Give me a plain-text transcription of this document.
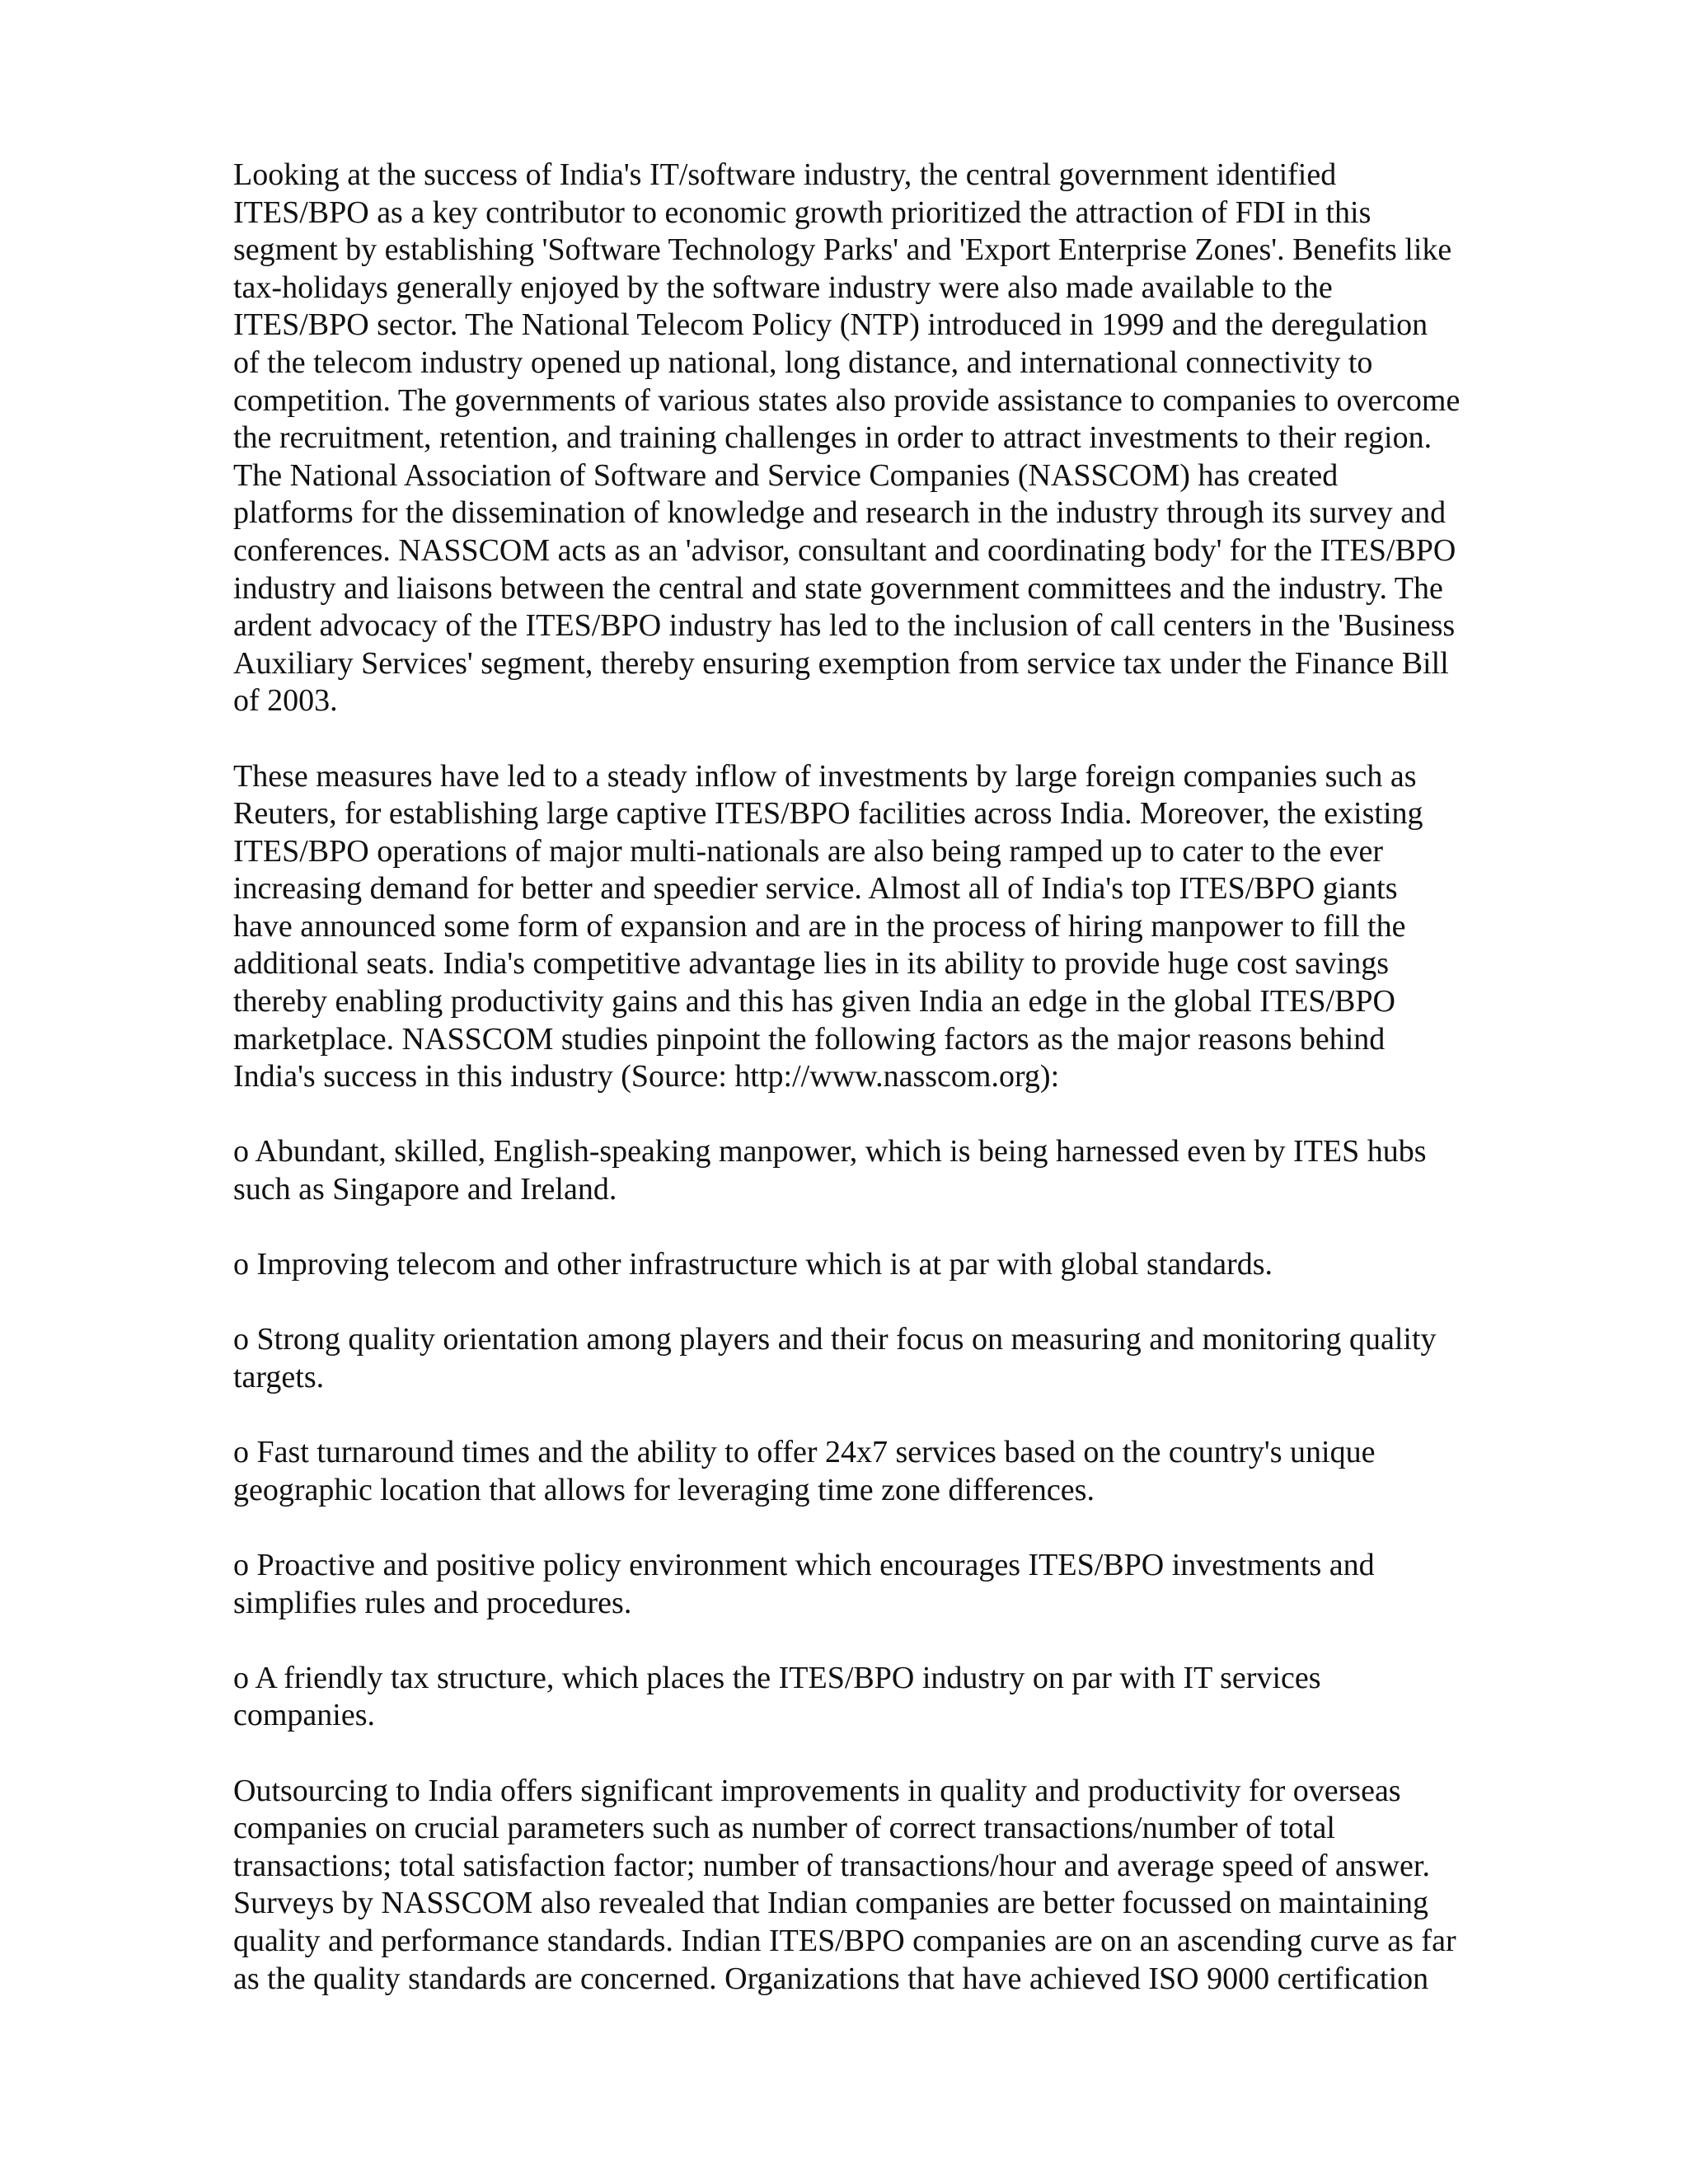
Looking at the success of India's IT/software industry, the central government identified
ITES/BPO as a key contributor to economic growth prioritized the attraction of FDI in this
segment by establishing 'Software Technology Parks' and 'Export Enterprise Zones'. Benefits like
tax-holidays generally enjoyed by the software industry were also made available to the
ITES/BPO sector. The National Telecom Policy (NTP) introduced in 1999 and the deregulation
of the telecom industry opened up national, long distance, and international connectivity to
competition. The governments of various states also provide assistance to companies to overcome
the recruitment, retention, and training challenges in order to attract investments to their region.
The National Association of Software and Service Companies (NASSCOM) has created
platforms for the dissemination of knowledge and research in the industry through its survey and
conferences. NASSCOM acts as an 'advisor, consultant and coordinating body' for the ITES/BPO
industry and liaisons between the central and state government committees and the industry. The
ardent advocacy of the ITES/BPO industry has led to the inclusion of call centers in the 'Business
Auxiliary Services' segment, thereby ensuring exemption from service tax under the Finance Bill
of 2003.

These measures have led to a steady inflow of investments by large foreign companies such as
Reuters, for establishing large captive ITES/BPO facilities across India. Moreover, the existing
ITES/BPO operations of major multi-nationals are also being ramped up to cater to the ever
increasing demand for better and speedier service. Almost all of India's top ITES/BPO giants
have announced some form of expansion and are in the process of hiring manpower to fill the
additional seats. India's competitive advantage lies in its ability to provide huge cost savings
thereby enabling productivity gains and this has given India an edge in the global ITES/BPO
marketplace. NASSCOM studies pinpoint the following factors as the major reasons behind
India's success in this industry (Source: http://www.nasscom.org):

o Abundant, skilled, English-speaking manpower, which is being harnessed even by ITES hubs
such as Singapore and Ireland.

o Improving telecom and other infrastructure which is at par with global standards.

o Strong quality orientation among players and their focus on measuring and monitoring quality
targets.

o Fast turnaround times and the ability to offer 24x7 services based on the country's unique
geographic location that allows for leveraging time zone differences.

o Proactive and positive policy environment which encourages ITES/BPO investments and
simplifies rules and procedures.

o A friendly tax structure, which places the ITES/BPO industry on par with IT services
companies.

Outsourcing to India offers significant improvements in quality and productivity for overseas
companies on crucial parameters such as number of correct transactions/number of total
transactions; total satisfaction factor; number of transactions/hour and average speed of answer.
Surveys by NASSCOM also revealed that Indian companies are better focussed on maintaining
quality and performance standards. Indian ITES/BPO companies are on an ascending curve as far
as the quality standards are concerned. Organizations that have achieved ISO 9000 certification
